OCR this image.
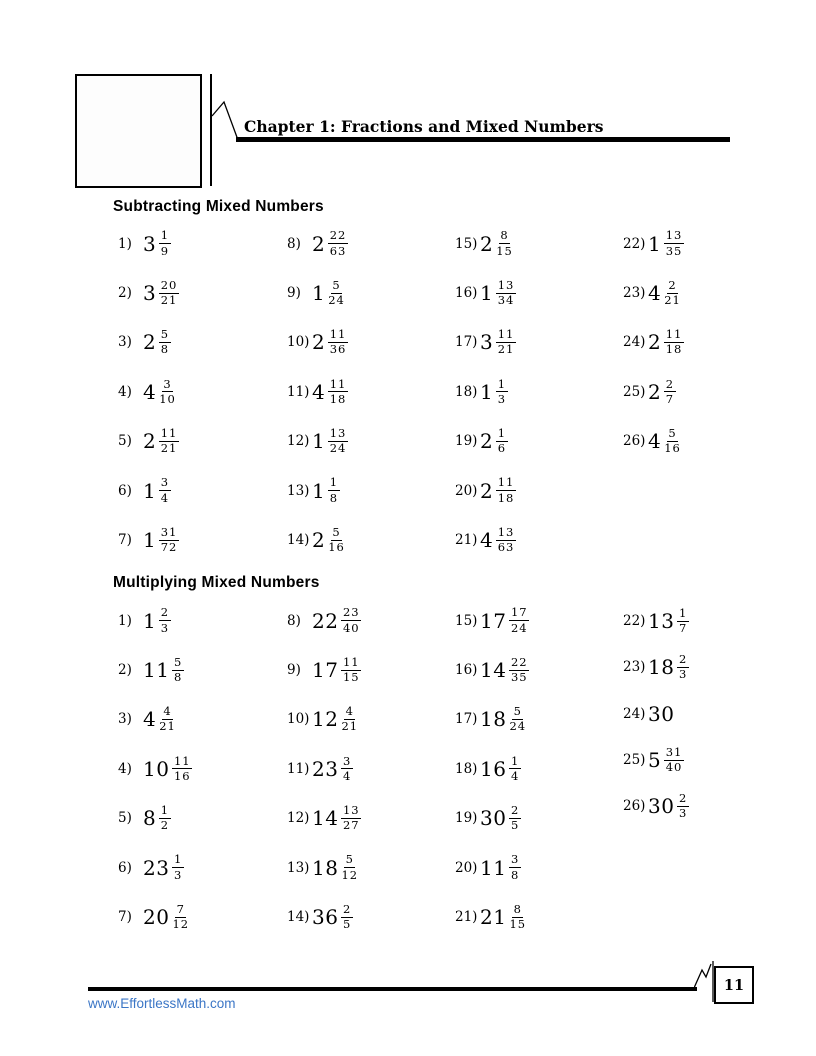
Chapter 1: Fractions and Mixed Numbers
Subtracting Mixed Numbers
1) $3 \frac{1}{9}$
2) $3 \frac{20}{21}$
3) $2 \frac{5}{8}$
4) $4 \frac{3}{10}$
5) $2 \frac{11}{21}$
6) $1 \frac{3}{4}$
7) $1 \frac{31}{72}$
8) $2 \frac{22}{63}$
9) $1 \frac{5}{24}$
10) $2 \frac{11}{36}$
11) $4 \frac{11}{18}$
12) $1 \frac{13}{24}$
13) $1 \frac{1}{8}$
14) $2 \frac{5}{16}$
15) $2 \frac{8}{15}$
16) $1 \frac{13}{34}$
17) $3 \frac{11}{21}$
18) $1 \frac{1}{3}$
19) $2 \frac{1}{6}$
20) $2 \frac{11}{18}$
21) $4 \frac{13}{63}$
22) $1 \frac{13}{35}$
23) $4 \frac{2}{21}$
24) $2 \frac{11}{18}$
25) $2 \frac{2}{7}$
26) $4 \frac{5}{16}$
Multiplying Mixed Numbers
1) $1 \frac{2}{3}$
2) $11 \frac{5}{8}$
3) $4 \frac{4}{21}$
4) $10 \frac{11}{16}$
5) $8 \frac{1}{2}$
6) $23 \frac{1}{3}$
7) $20 \frac{7}{12}$
8) $22 \frac{23}{40}$
9) $17 \frac{11}{15}$
10) $12 \frac{4}{21}$
11) $23 \frac{3}{4}$
12) $14 \frac{13}{27}$
13) $18 \frac{5}{12}$
14) $36 \frac{2}{5}$
15) $17 \frac{17}{24}$
16) $14 \frac{22}{35}$
17) $18 \frac{5}{24}$
18) $16 \frac{1}{4}$
19) $30 \frac{2}{5}$
20) $11 \frac{3}{8}$
21) $21 \frac{8}{15}$
22) $13 \frac{1}{7}$
23) $18 \frac{2}{3}$
24) 30
25) $5 \frac{31}{40}$
26) $30 \frac{2}{3}$
www.EffortlessMath.com
11
